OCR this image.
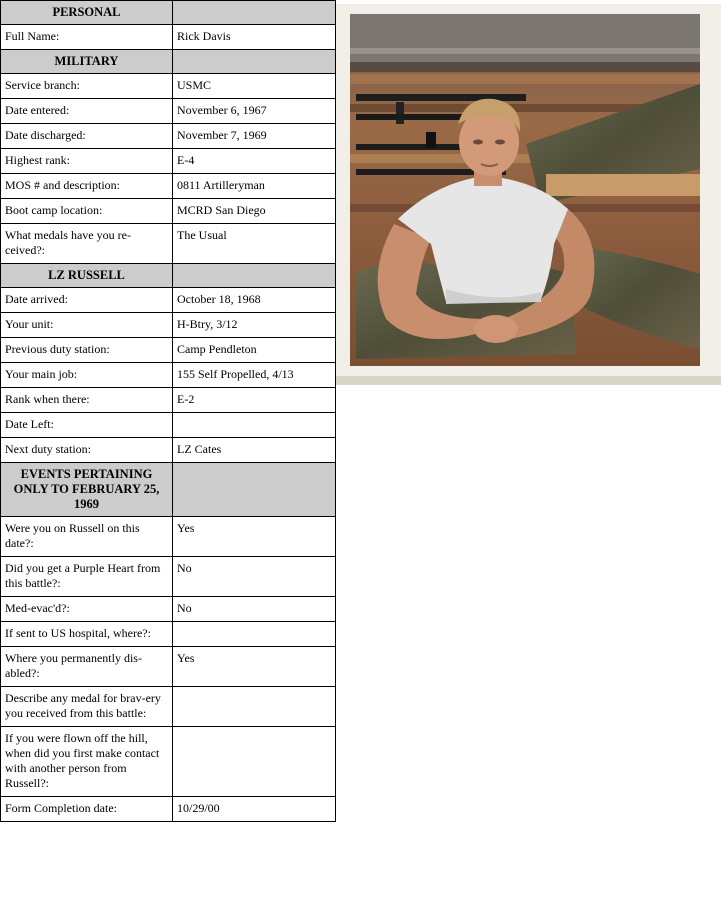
PERSONAL	
Full Name:	Rick Davis
MILITARY	
Service branch:	USMC
Date entered:	November 6, 1967
Date discharged:	November 7, 1969
Highest rank:	E-4
MOS # and description:	0811 Artilleryman
Boot camp location:	MCRD San Diego
What medals have you re-ceived?:	The Usual
LZ RUSSELL	
Date arrived:	October 18, 1968
Your unit:	H-Btry, 3/12
Previous duty station:	Camp Pendleton
Your main job:	155 Self Propelled, 4/13
Rank when there:	E-2
Date Left:	
Next duty station:	LZ Cates
EVENTS PERTAINING ONLY TO FEBRUARY 25, 1969	
Were you on Russell on this date?:	Yes
Did you get a Purple Heart from this battle?:	No
Med-evac'd?:	No
If sent to US hospital, where?:	
Where you permanently dis-abled?:	Yes
Describe any medal for brav-ery you received from this battle:	
If you were flown off the hill, when did you first make contact with another person from Russell?:	
Form Completion date:	10/29/00
